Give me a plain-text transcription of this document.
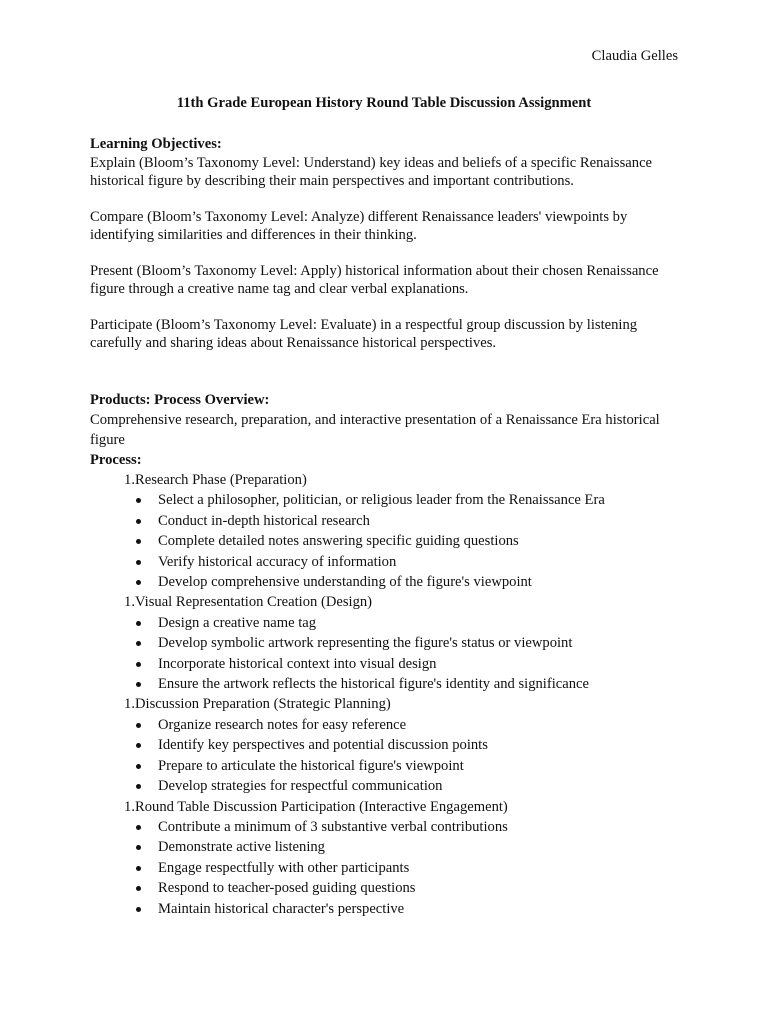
Claudia Gelles
11th Grade European History Round Table Discussion Assignment

Learning Objectives:

Explain (Bloom’s Taxonomy Level: Understand) key ideas and beliefs of a specific Renaissance historical figure by describing their main perspectives and important contributions.

Compare (Bloom’s Taxonomy Level: Analyze) different Renaissance leaders' viewpoints by identifying similarities and differences in their thinking.

Present (Bloom’s Taxonomy Level: Apply) historical information about their chosen Renaissance figure through a creative name tag and clear verbal explanations.

Participate (Bloom’s Taxonomy Level: Evaluate) in a respectful group discussion by listening carefully and sharing ideas about Renaissance historical perspectives.

Products: Process Overview:

Comprehensive research, preparation, and interactive presentation of a Renaissance Era historical figure

Process:

1. Research Phase (Preparation)
Select a philosopher, politician, or religious leader from the Renaissance Era
Conduct in-depth historical research
Complete detailed notes answering specific guiding questions
Verify historical accuracy of information
Develop comprehensive understanding of the figure's viewpoint
1. Visual Representation Creation (Design)
Design a creative name tag
Develop symbolic artwork representing the figure's status or viewpoint
Incorporate historical context into visual design
Ensure the artwork reflects the historical figure's identity and significance
1. Discussion Preparation (Strategic Planning)
Organize research notes for easy reference
Identify key perspectives and potential discussion points
Prepare to articulate the historical figure's viewpoint
Develop strategies for respectful communication
1. Round Table Discussion Participation (Interactive Engagement)
Contribute a minimum of 3 substantive verbal contributions
Demonstrate active listening
Engage respectfully with other participants
Respond to teacher-posed guiding questions
Maintain historical character's perspective
